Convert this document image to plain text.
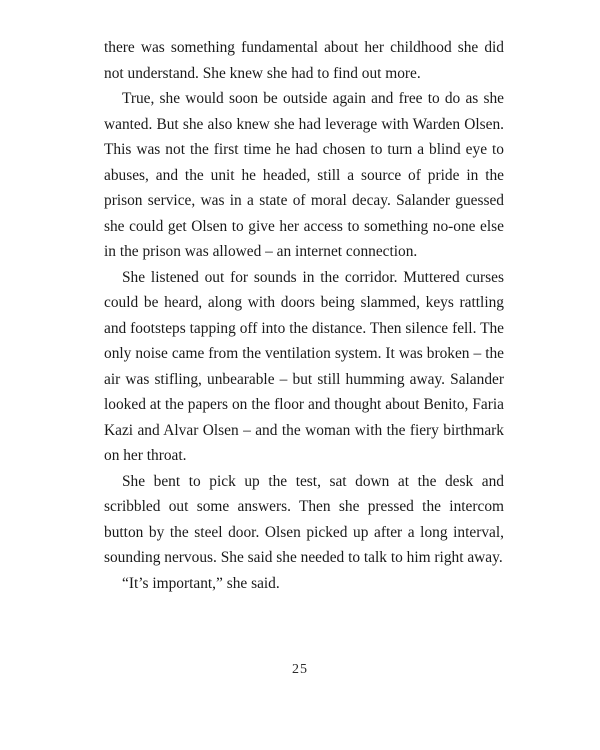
there was something fundamental about her childhood she did not understand. She knew she had to find out more.

True, she would soon be outside again and free to do as she wanted. But she also knew she had leverage with Warden Olsen. This was not the first time he had chosen to turn a blind eye to abuses, and the unit he headed, still a source of pride in the prison service, was in a state of moral decay. Salander guessed she could get Olsen to give her access to something no-one else in the prison was allowed – an internet connection.

She listened out for sounds in the corridor. Muttered curses could be heard, along with doors being slammed, keys rattling and footsteps tapping off into the distance. Then silence fell. The only noise came from the ventilation system. It was broken – the air was stifling, unbearable – but still humming away. Salander looked at the papers on the floor and thought about Benito, Faria Kazi and Alvar Olsen – and the woman with the fiery birthmark on her throat.

She bent to pick up the test, sat down at the desk and scribbled out some answers. Then she pressed the intercom button by the steel door. Olsen picked up after a long interval, sounding nervous. She said she needed to talk to him right away.

“It’s important,” she said.

25
